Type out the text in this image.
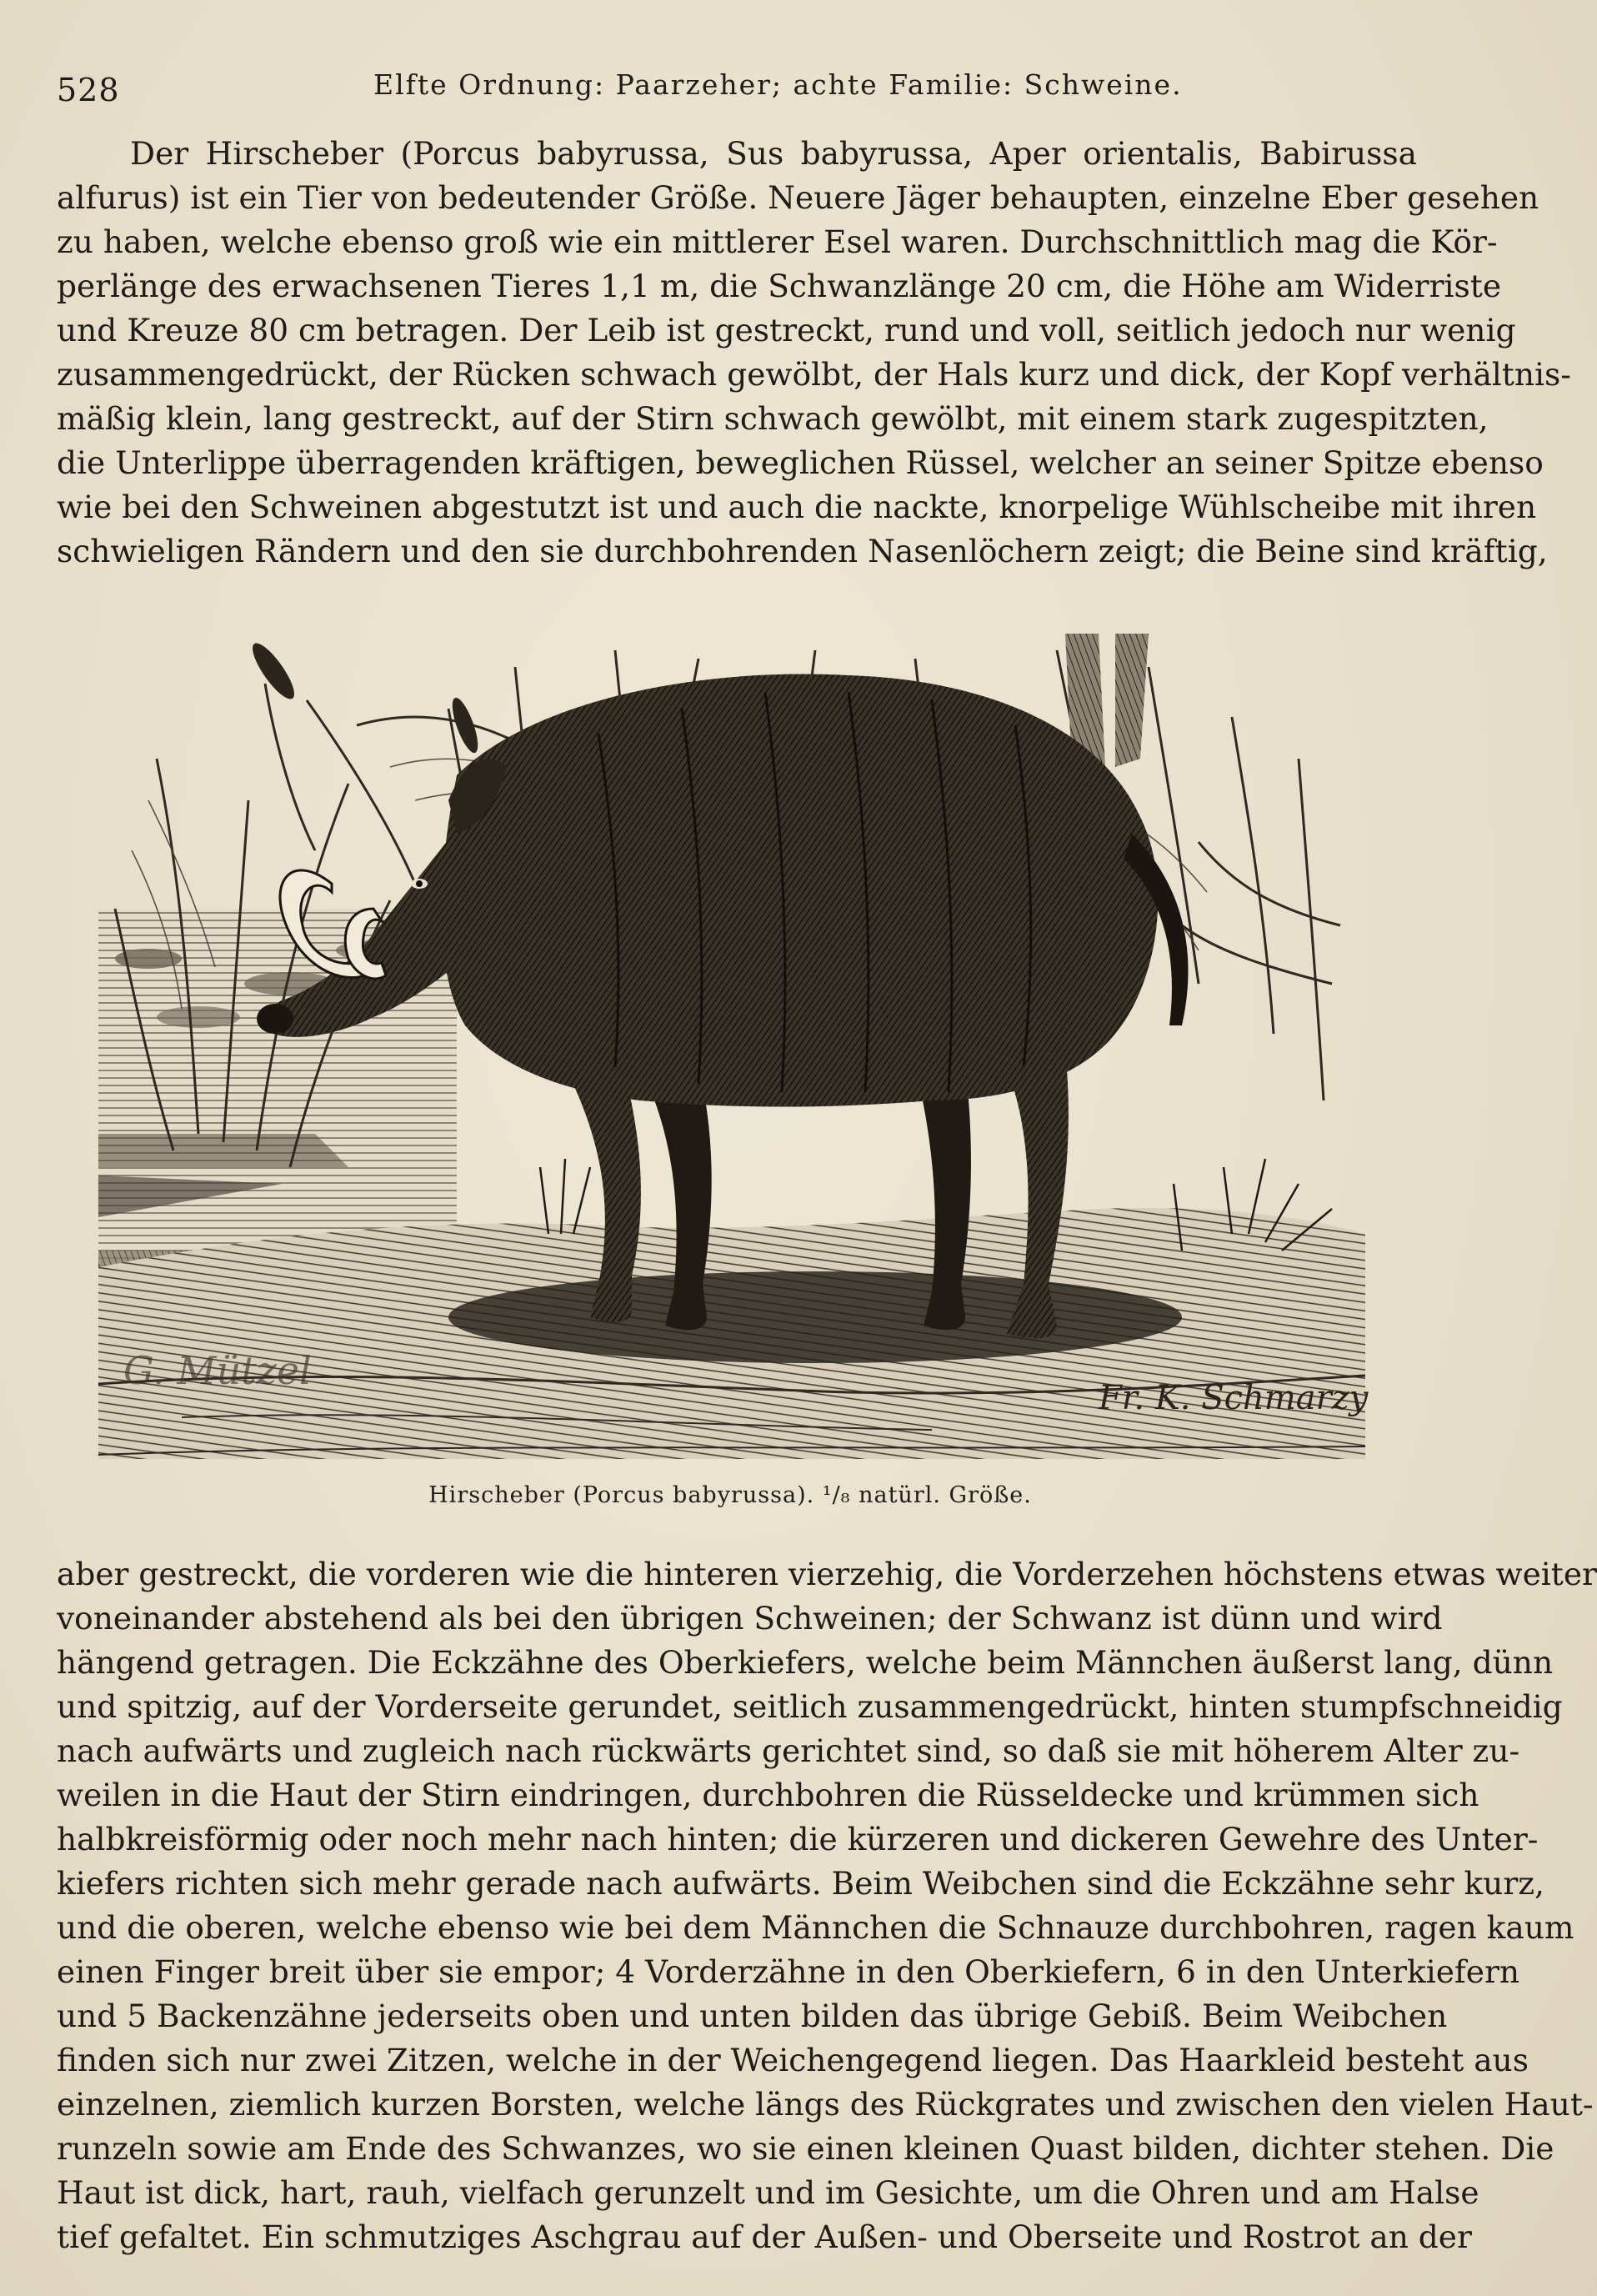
528	Elfte Ordnung: Paarzeher; achte Familie: Schweine.
Der Hirscheber (Porcus babyrussa, Sus babyrussa, Aper orientalis, Babirussa
alfurus) ist ein Tier von bedeutender Größe. Neuere Jäger behaupten, einzelne Eber gesehen
zu haben, welche ebenso groß wie ein mittlerer Esel waren. Durchschnittlich mag die Kör-
perlänge des erwachsenen Tieres 1,1 m, die Schwanzlänge 20 cm, die Höhe am Widerriste
und Kreuze 80 cm betragen. Der Leib ist gestreckt, rund und voll, seitlich jedoch nur wenig
zusammengedrückt, der Rücken schwach gewölbt, der Hals kurz und dick, der Kopf verhältnis-
mäßig klein, lang gestreckt, auf der Stirn schwach gewölbt, mit einem stark zugespitzten,
die Unterlippe überragenden kräftigen, beweglichen Rüssel, welcher an seiner Spitze ebenso
wie bei den Schweinen abgestutzt ist und auch die nackte, knorpelige Wühlscheibe mit ihren
schwieligen Rändern und den sie durchbohrenden Nasenlöchern zeigt; die Beine sind kräftig,
G. Mützel
Fr. K. Schmarzy
Hirscheber (Porcus babyrussa). ¹/₈ natürl. Größe.
aber gestreckt, die vorderen wie die hinteren vierzehig, die Vorderzehen höchstens etwas weiter
voneinander abstehend als bei den übrigen Schweinen; der Schwanz ist dünn und wird
hängend getragen. Die Eckzähne des Oberkiefers, welche beim Männchen äußerst lang, dünn
und spitzig, auf der Vorderseite gerundet, seitlich zusammengedrückt, hinten stumpfschneidig
nach aufwärts und zugleich nach rückwärts gerichtet sind, so daß sie mit höherem Alter zu-
weilen in die Haut der Stirn eindringen, durchbohren die Rüsseldecke und krümmen sich
halbkreisförmig oder noch mehr nach hinten; die kürzeren und dickeren Gewehre des Unter-
kiefers richten sich mehr gerade nach aufwärts. Beim Weibchen sind die Eckzähne sehr kurz,
und die oberen, welche ebenso wie bei dem Männchen die Schnauze durchbohren, ragen kaum
einen Finger breit über sie empor; 4 Vorderzähne in den Oberkiefern, 6 in den Unterkiefern
und 5 Backenzähne jederseits oben und unten bilden das übrige Gebiß. Beim Weibchen
finden sich nur zwei Zitzen, welche in der Weichengegend liegen. Das Haarkleid besteht aus
einzelnen, ziemlich kurzen Borsten, welche längs des Rückgrates und zwischen den vielen Haut-
runzeln sowie am Ende des Schwanzes, wo sie einen kleinen Quast bilden, dichter stehen. Die
Haut ist dick, hart, rauh, vielfach gerunzelt und im Gesichte, um die Ohren und am Halse
tief gefaltet. Ein schmutziges Aschgrau auf der Außen- und Oberseite und Rostrot an der
